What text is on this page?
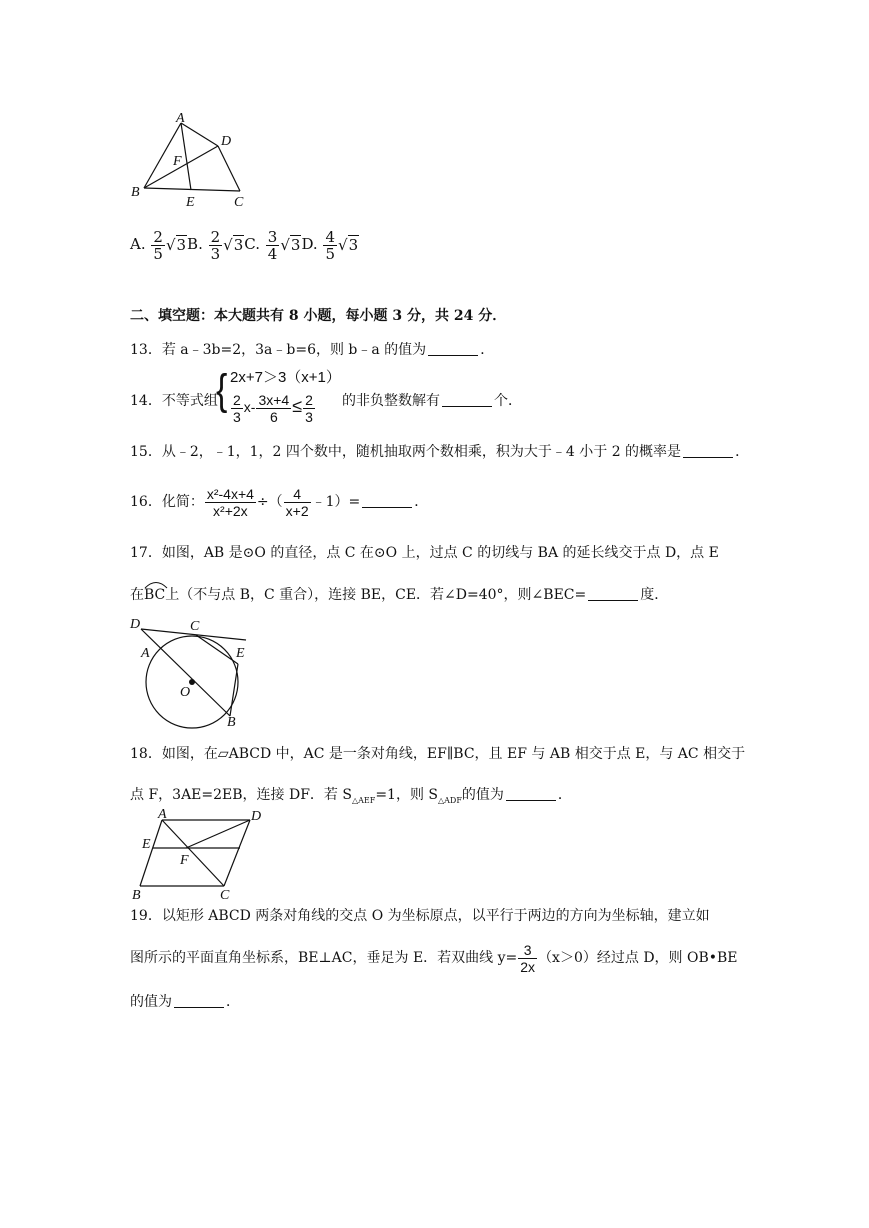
A
D
F
B
E	C
A. $\frac{2}{5} √3B$. $\frac{2}{3} √3C$. $\frac{3}{4} √3D$. $\frac{4}{5} √3$
二、填空题：本大题共有 8 小题，每小题 3 分，共 24 分．
13．若 a﹣3b=2，3a﹣b=6，则 b﹣a 的值为	．
14．不等式组
{ 2x+7＞3（x+1）
$\frac{2}{3} x- \frac{3x+4}{6} \le \frac{2}{3}$ 的非负整数解有	个．
15．从﹣2，﹣1，1，2 四个数中，随机抽取两个数相乘，积为大于﹣4 小于 2 的概率是	．
16．化简： $\frac{\text{x²-4x+4}}{\text{x²+2x}}$ ÷（ $\frac{4}{x+2}$ ﹣1）=	．
17．如图，AB 是⊙O 的直径，点 C 在⊙O 上，过点 C 的切线与 BA 的延长线交于点 D，点 E
在
BC上（不与点 B，C 重合），连接 BE，CE．若∠D=40°，则∠BEC=	度．
D	C
A	E
O
B
18．如图，在▱ABCD 中，AC 是一条对角线，EF∥BC，且 EF 与 AB 相交于点 E，与 AC 相交于
点 F，3AE=2EB，连接 DF．若 $S_{\triangle AEF}=1$，则 $S_{\triangle ADF}$的值为	．
A	D
E
F
B	C
19．以矩形 ABCD 两条对角线的交点 O 为坐标原点，以平行于两边的方向为坐标轴，建立如
图所示的平面直角坐标系，BE⊥AC，垂足为 E．若双曲线 $y= \frac{3}{2x} (x>0)$经过点 D，则 OB•BE
的值为	．
